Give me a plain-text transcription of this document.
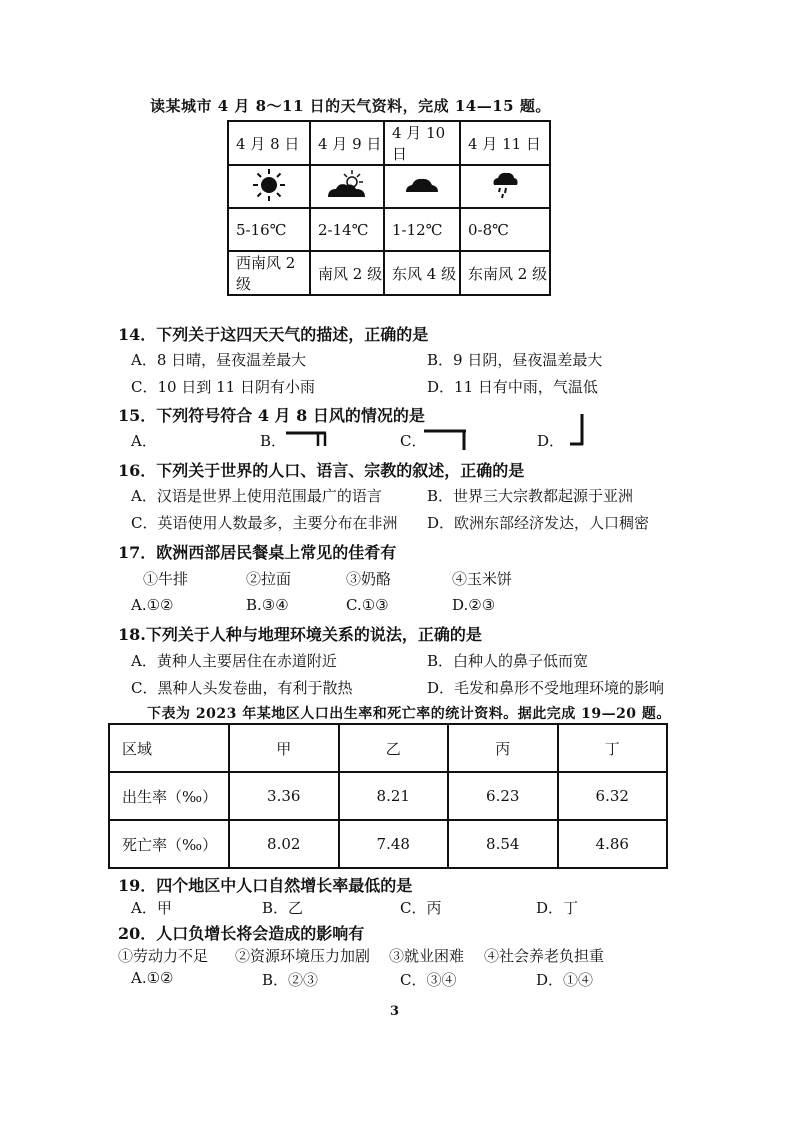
读某城市 4 月 8～11 日的天气资料，完成 14—15 题。
4 月 8 日	4 月 9 日	4 月 10 日	4 月 11 日

5-16℃	2-14℃	1-12℃	0-8℃
西南风 2 级	南风 2 级	东风 4 级	东南风 2 级
14．下列关于这四天天气的描述，正确的是
A．8 日晴，昼夜温差最大	B．9 日阴，昼夜温差最大
C．10 日到 11 日阴有小雨	D．11 日有中雨，气温低
15．下列符号符合 4 月 8 日风的情况的是
A．	B．	C．	D．
16．下列关于世界的人口、语言、宗教的叙述，正确的是
A．汉语是世界上使用范围最广的语言	B．世界三大宗教都起源于亚洲
C．英语使用人数最多，主要分布在非洲 D．欧洲东部经济发达，人口稠密
17．欧洲西部居民餐桌上常见的佳肴有
①牛排	②拉面	③奶酪	④玉米饼
A.①②	B.③④	C.①③	D.②③
18.下列关于人种与地理环境关系的说法，正确的是
A．黄种人主要居住在赤道附近	B．白种人的鼻子低而宽
C．黑种人头发卷曲，有利于散热	D．毛发和鼻形不受地理环境的影响
下表为 2023 年某地区人口出生率和死亡率的统计资料。据此完成 19—20 题。
区域	甲	乙	丙	丁
出生率（‰）	3.36	8.21	6.23	6.32
死亡率（‰）	8.02	7.48	8.54	4.86
19．四个地区中人口自然增长率最低的是
A．甲	B．乙	C．丙	D．丁
20．人口负增长将会造成的影响有
①劳动力不足 ②资源环境压力加剧 ③就业困难 ④社会养老负担重
A.①②	B．②③	C．③④	D．①④
3
